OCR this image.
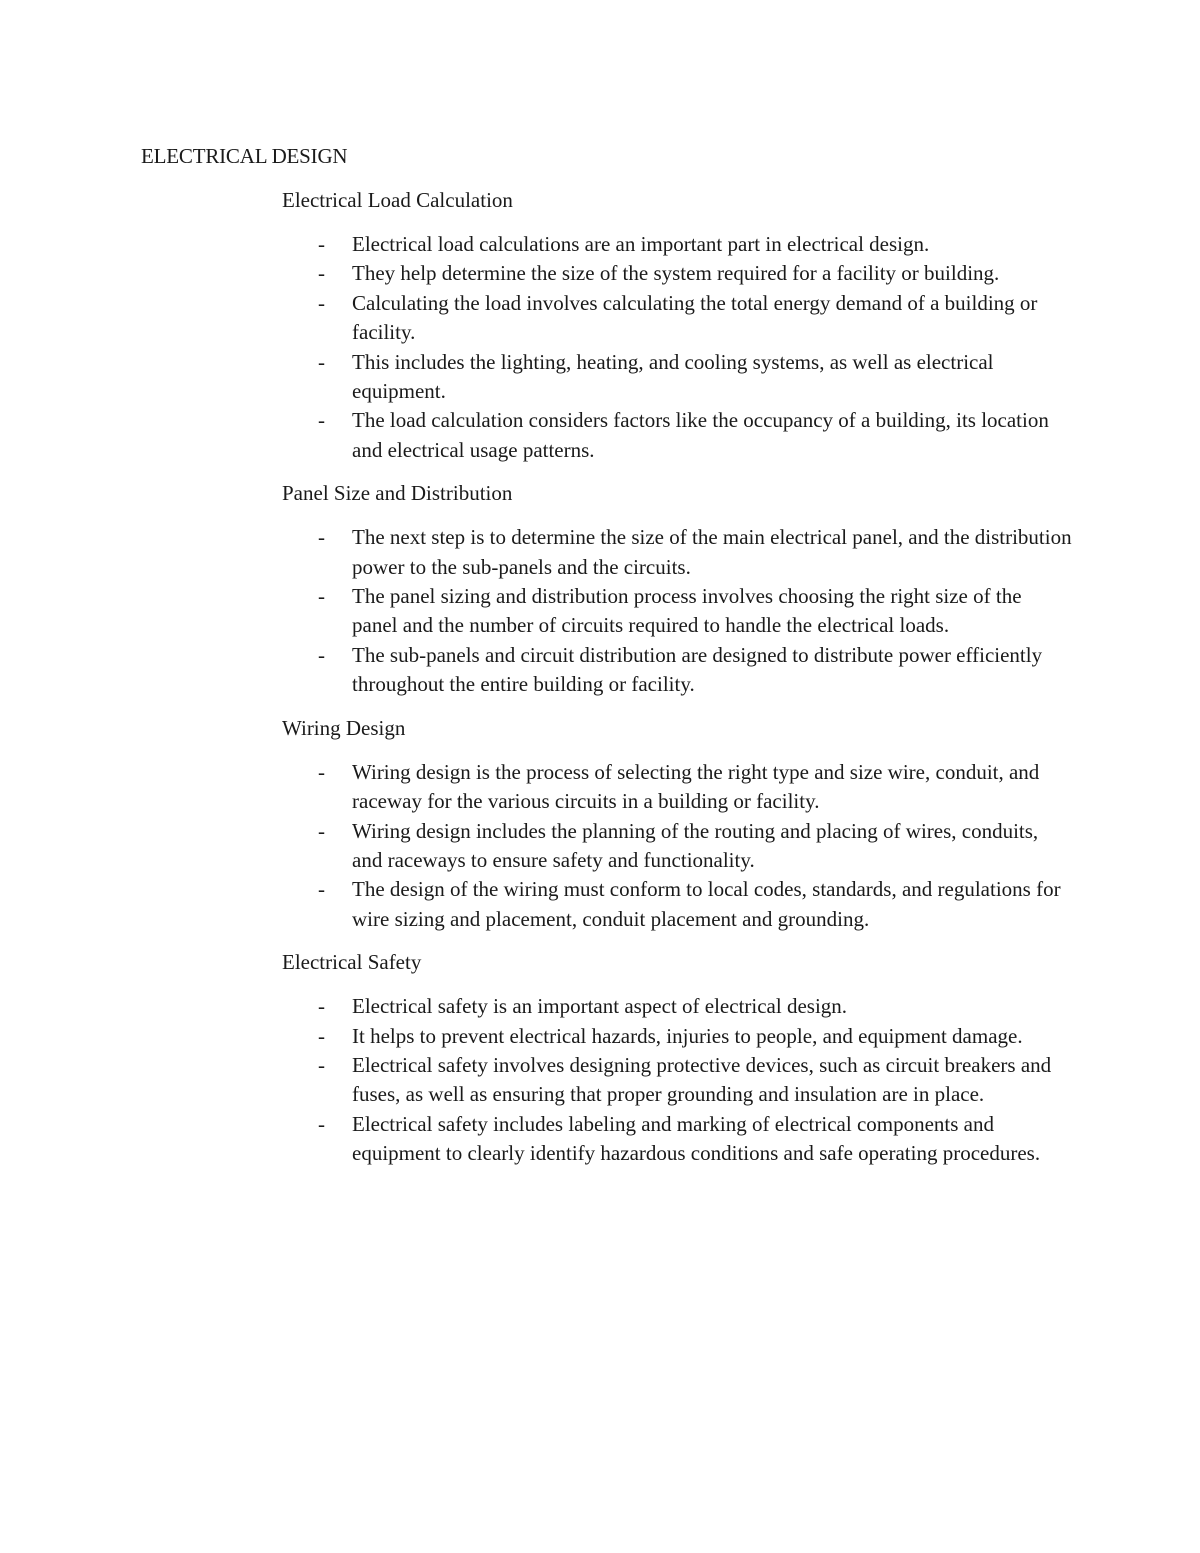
ELECTRICAL DESIGN
Electrical Load Calculation
- Electrical load calculations are an important part in electrical design.
- They help determine the size of the system required for a facility or building.
- Calculating the load involves calculating the total energy demand of a building or facility.
- This includes the lighting, heating, and cooling systems, as well as electrical equipment.
- The load calculation considers factors like the occupancy of a building, its location and electrical usage patterns.
Panel Size and Distribution
- The next step is to determine the size of the main electrical panel, and the distribution power to the sub-panels and the circuits.
- The panel sizing and distribution process involves choosing the right size of the panel and the number of circuits required to handle the electrical loads.
- The sub-panels and circuit distribution are designed to distribute power efficiently throughout the entire building or facility.
Wiring Design
- Wiring design is the process of selecting the right type and size wire, conduit, and raceway for the various circuits in a building or facility.
- Wiring design includes the planning of the routing and placing of wires, conduits, and raceways to ensure safety and functionality.
- The design of the wiring must conform to local codes, standards, and regulations for wire sizing and placement, conduit placement and grounding.
Electrical Safety
- Electrical safety is an important aspect of electrical design.
- It helps to prevent electrical hazards, injuries to people, and equipment damage.
- Electrical safety involves designing protective devices, such as circuit breakers and fuses, as well as ensuring that proper grounding and insulation are in place.
- Electrical safety includes labeling and marking of electrical components and equipment to clearly identify hazardous conditions and safe operating procedures.
